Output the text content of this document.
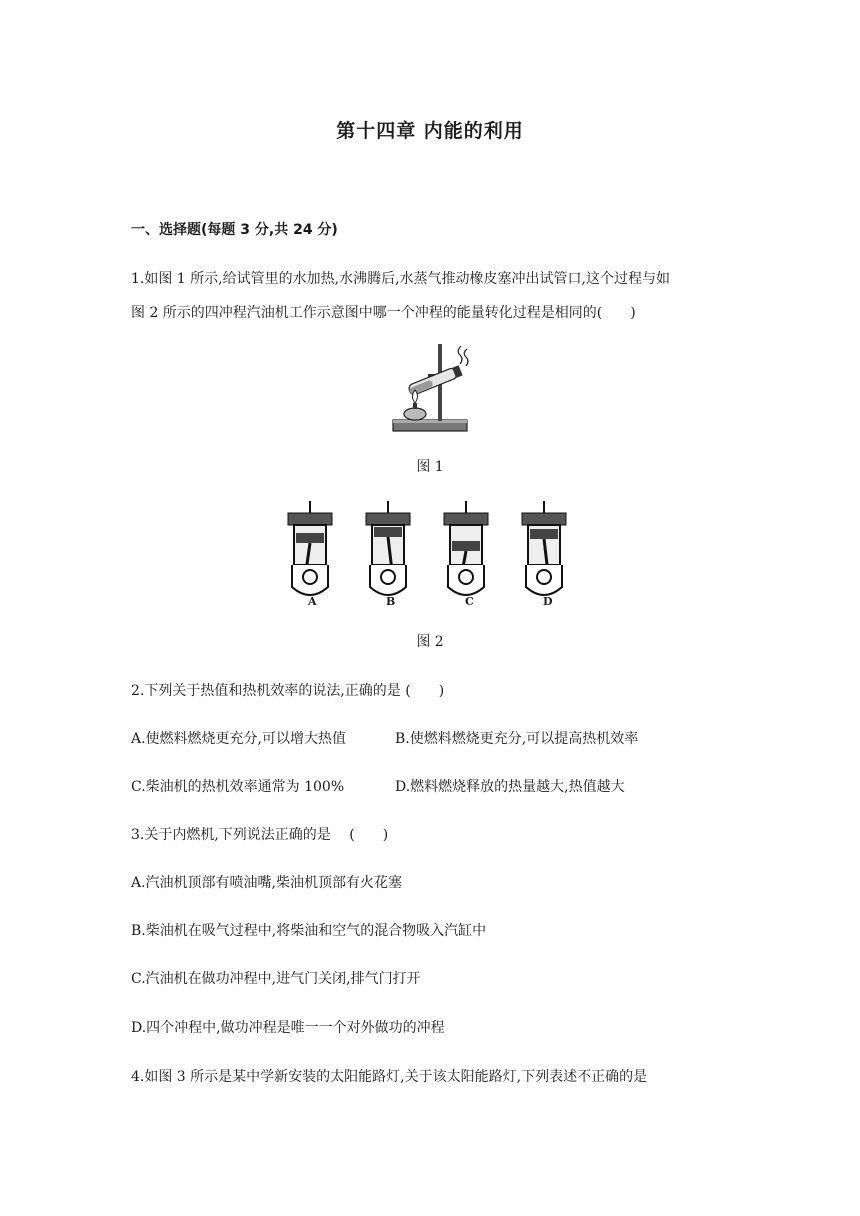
第十四章 内能的利用
一、选择题(每题 3 分,共 24 分)
1.如图 1 所示,给试管里的水加热,水沸腾后,水蒸气推动橡皮塞冲出试管口,这个过程与如
图 2 所示的四冲程汽油机工作示意图中哪一个冲程的能量转化过程是相同的(　　)
图 1
A	B	C	D
图 2
2.下列关于热值和热机效率的说法,正确的是 (　　)
A.使燃料燃烧更充分,可以增大热值	B.使燃料燃烧更充分,可以提高热机效率
C.柴油机的热机效率通常为 100%	D.燃料燃烧释放的热量越大,热值越大
3.关于内燃机,下列说法正确的是　 (　　)
A.汽油机顶部有喷油嘴,柴油机顶部有火花塞
B.柴油机在吸气过程中,将柴油和空气的混合物吸入汽缸中
C.汽油机在做功冲程中,进气门关闭,排气门打开
D.四个冲程中,做功冲程是唯一一个对外做功的冲程
4.如图 3 所示是某中学新安装的太阳能路灯,关于该太阳能路灯,下列表述不正确的是
